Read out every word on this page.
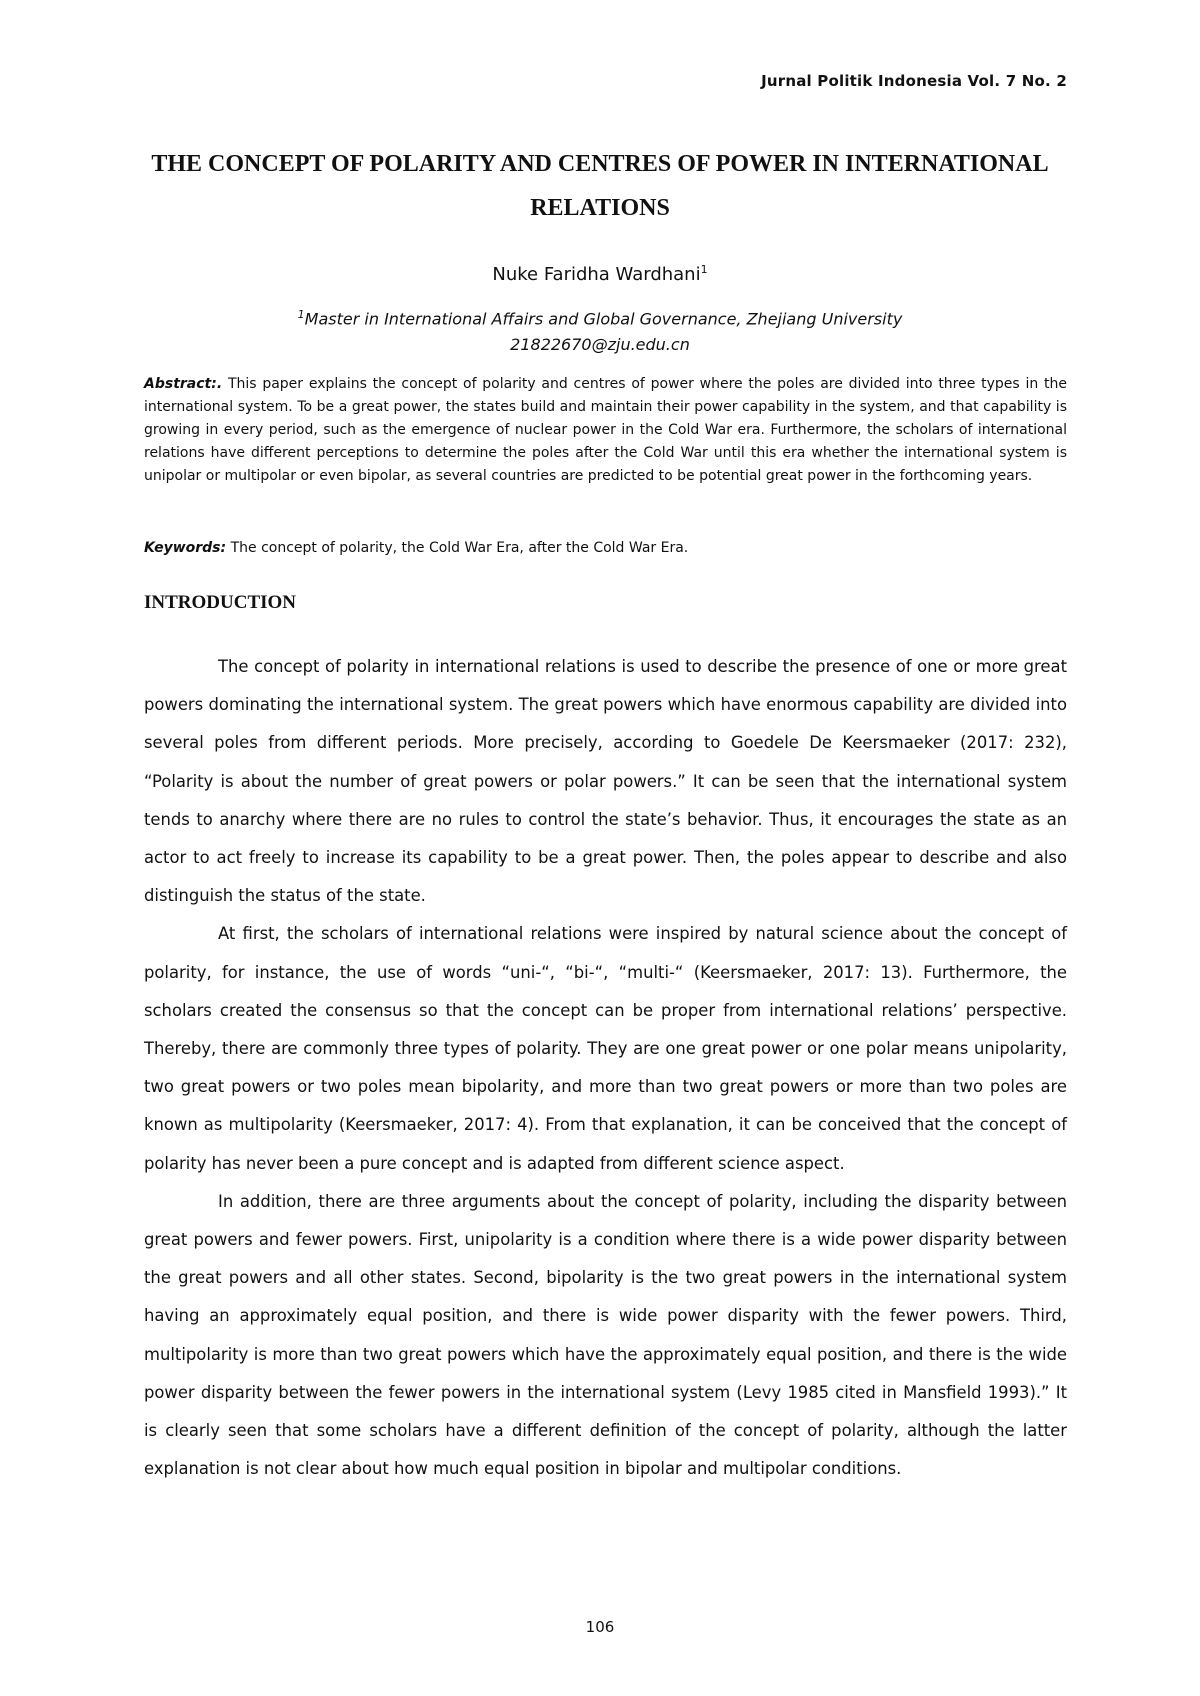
Jurnal Politik Indonesia Vol. 7 No. 2
THE CONCEPT OF POLARITY AND CENTRES OF POWER IN INTERNATIONAL RELATIONS

Nuke Faridha Wardhani$^1$

$^1$Master in International Affairs and Global Governance, Zhejiang University
21822670@zju.edu.cn

Abstract:. This paper explains the concept of polarity and centres of power where the poles are divided into three types in the international system. To be a great power, the states build and maintain their power capability in the system, and that capability is growing in every period, such as the emergence of nuclear power in the Cold War era. Furthermore, the scholars of international relations have different perceptions to determine the poles after the Cold War until this era whether the international system is unipolar or multipolar or even bipolar, as several countries are predicted to be potential great power in the forthcoming years.

Keywords: The concept of polarity, the Cold War Era, after the Cold War Era.

INTRODUCTION

The concept of polarity in international relations is used to describe the presence of one or more great powers dominating the international system. The great powers which have enormous capability are divided into several poles from different periods. More precisely, according to Goedele De Keersmaeker (2017: 232), “Polarity is about the number of great powers or polar powers.” It can be seen that the international system tends to anarchy where there are no rules to control the state’s behavior. Thus, it encourages the state as an actor to act freely to increase its capability to be a great power. Then, the poles appear to describe and also distinguish the status of the state.

At first, the scholars of international relations were inspired by natural science about the concept of polarity, for instance, the use of words “uni-“, “bi-“, “multi-“ (Keersmaeker, 2017: 13). Furthermore, the scholars created the consensus so that the concept can be proper from international relations’ perspective. Thereby, there are commonly three types of polarity. They are one great power or one polar means unipolarity, two great powers or two poles mean bipolarity, and more than two great powers or more than two poles are known as multipolarity (Keersmaeker, 2017: 4). From that explanation, it can be conceived that the concept of polarity has never been a pure concept and is adapted from different science aspect.

In addition, there are three arguments about the concept of polarity, including the disparity between great powers and fewer powers. First, unipolarity is a condition where there is a wide power disparity between the great powers and all other states. Second, bipolarity is the two great powers in the international system having an approximately equal position, and there is wide power disparity with the fewer powers. Third, multipolarity is more than two great powers which have the approximately equal position, and there is the wide power disparity between the fewer powers in the international system (Levy 1985 cited in Mansfield 1993).” It is clearly seen that some scholars have a different definition of the concept of polarity, although the latter explanation is not clear about how much equal position in bipolar and multipolar conditions.

106
